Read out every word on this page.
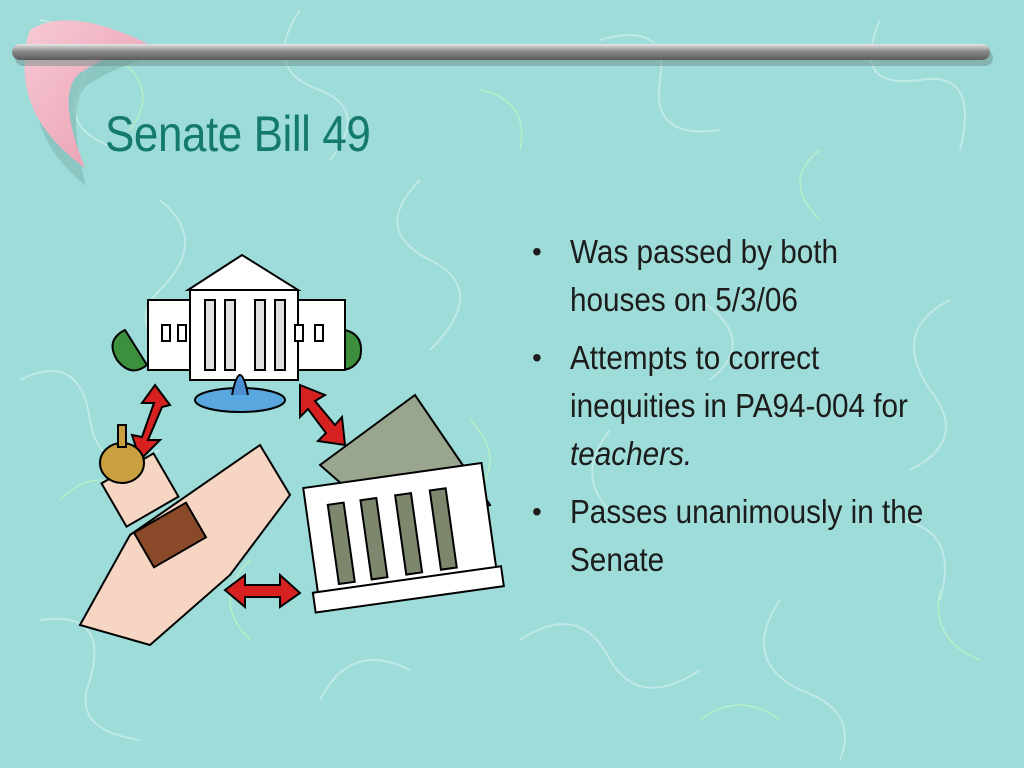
Senate Bill 49
• Was passed by both houses on 5/3/06
• Attempts to correct inequities in PA94-004 for teachers.
• Passes unanimously in the Senate
